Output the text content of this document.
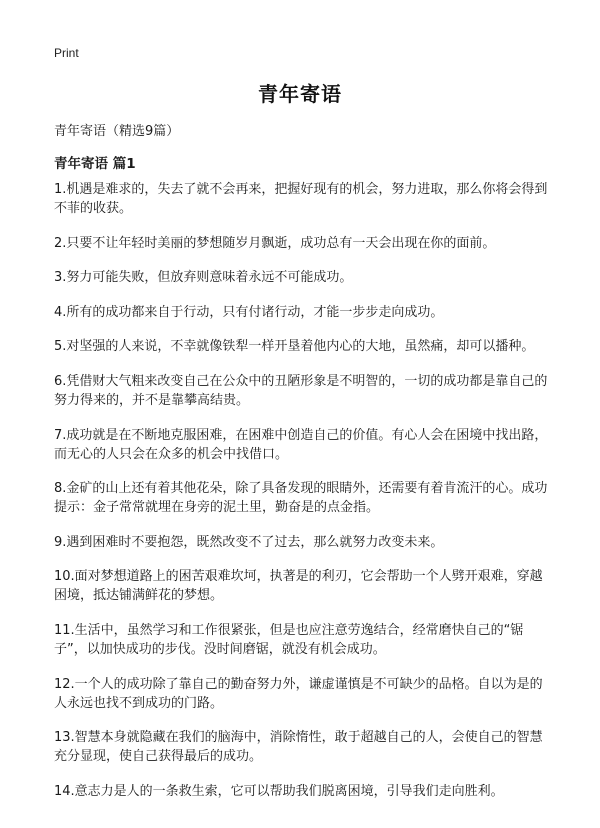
Print
青年寄语
青年寄语（精选9篇）
青年寄语 篇1
1.机遇是难求的，失去了就不会再来，把握好现有的机会，努力进取，那么你将会得到不菲的收获。
2.只要不让年轻时美丽的梦想随岁月飘逝，成功总有一天会出现在你的面前。
3.努力可能失败，但放弃则意味着永远不可能成功。
4.所有的成功都来自于行动，只有付诸行动，才能一步步走向成功。
5.对坚强的人来说，不幸就像铁犁一样开垦着他内心的大地，虽然痛，却可以播种。
6.凭借财大气粗来改变自己在公众中的丑陋形象是不明智的，一切的成功都是靠自己的努力得来的，并不是靠攀高结贵。
7.成功就是在不断地克服困难，在困难中创造自己的价值。有心人会在困境中找出路，而无心的人只会在众多的机会中找借口。
8.金矿的山上还有着其他花朵，除了具备发现的眼睛外，还需要有着肯流汗的心。成功提示：金子常常就埋在身旁的泥土里，勤奋是的点金指。
9.遇到困难时不要抱怨，既然改变不了过去，那么就努力改变未来。
10.面对梦想道路上的困苦艰难坎坷，执著是的利刃，它会帮助一个人劈开艰难，穿越困境，抵达铺满鲜花的梦想。
11.生活中，虽然学习和工作很紧张，但是也应注意劳逸结合，经常磨快自己的“锯子”，以加快成功的步伐。没时间磨锯，就没有机会成功。
12.一个人的成功除了靠自己的勤奋努力外，谦虚谨慎是不可缺少的品格。自以为是的人永远也找不到成功的门路。
13.智慧本身就隐藏在我们的脑海中，消除惰性，敢于超越自己的人，会使自己的智慧充分显现，使自己获得最后的成功。
14.意志力是人的一条救生索，它可以帮助我们脱离困境，引导我们走向胜利。
